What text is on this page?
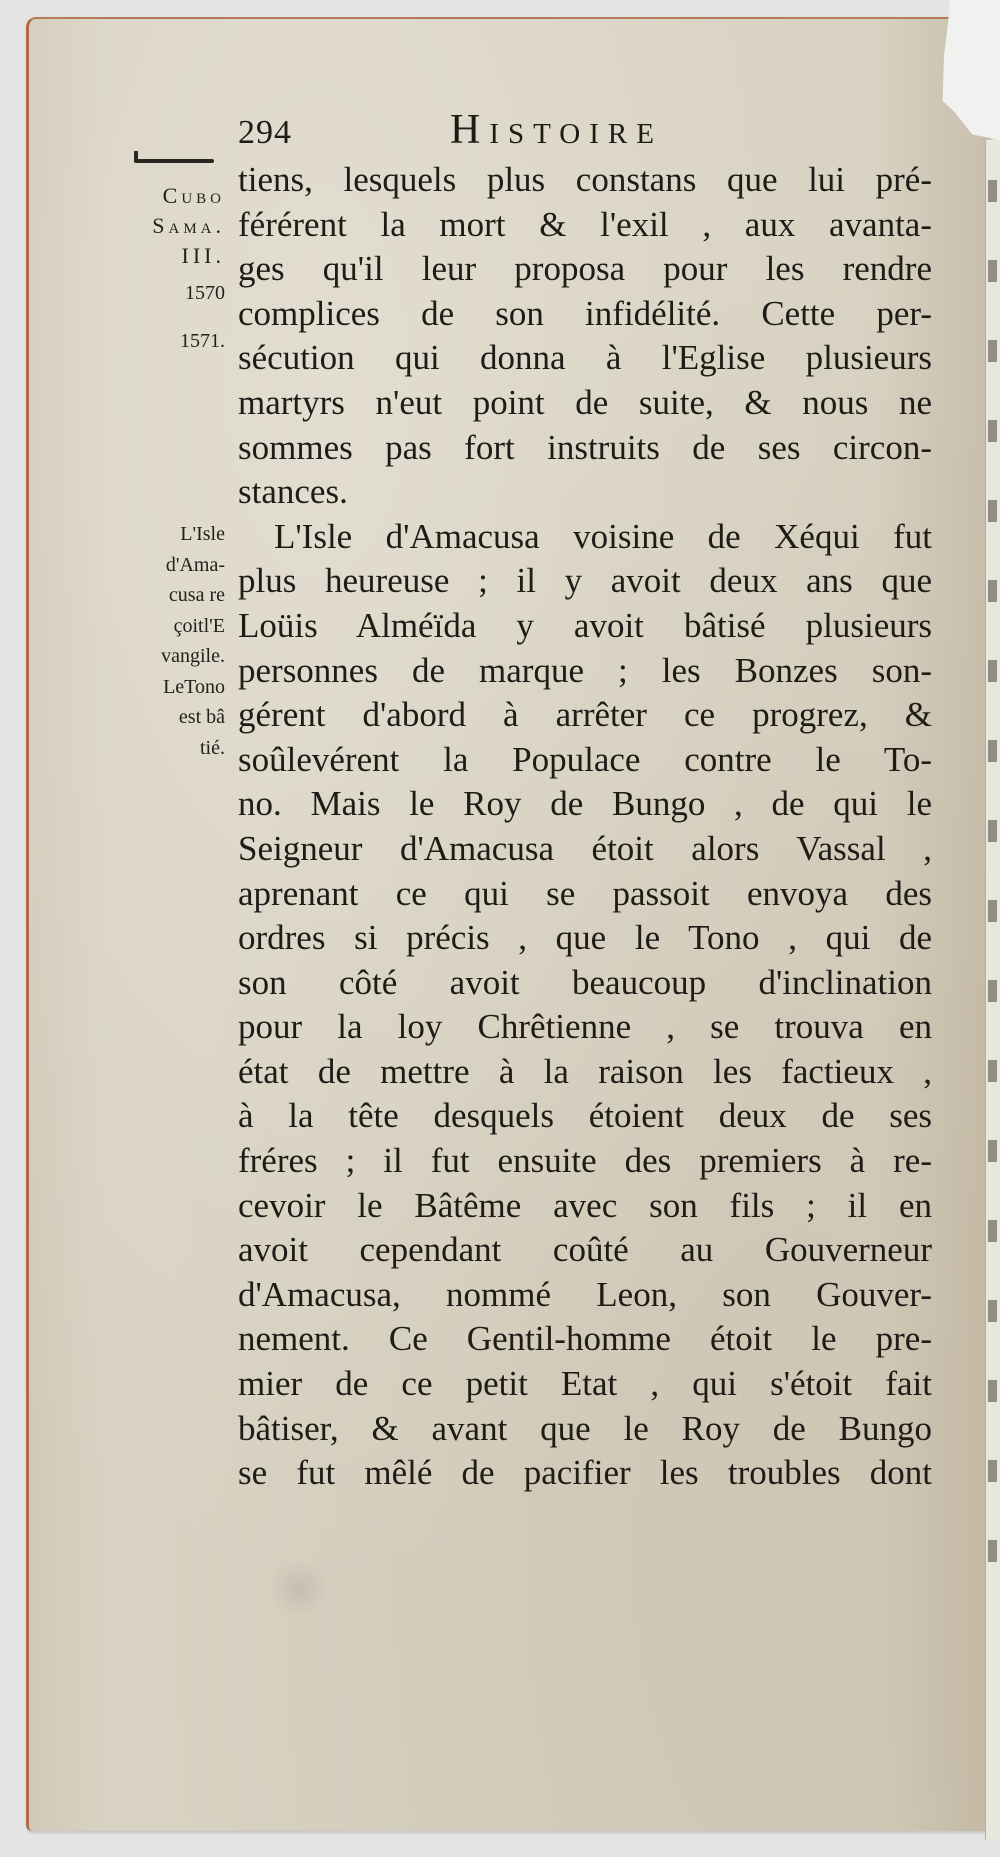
294	Histoire
Cubo
Sama.
III.
1570
1571.
L'Isle
d'Ama-
cusa re
çoitl'E
vangile.
LeTono
est bâ
tié.
tiens, lesquels plus constans que lui pré-
férérent la mort & l'exil , aux avanta-
ges qu'il leur proposa pour les rendre
complices de son infidélité. Cette per-
sécution qui donna à l'Eglise plusieurs
martyrs n'eut point de suite, & nous ne
sommes pas fort instruits de ses circon-
stances.
L'Isle d'Amacusa voisine de Xéqui fut
plus heureuse ; il y avoit deux ans que
Loüis Alméïda y avoit bâtisé plusieurs
personnes de marque ; les Bonzes son-
gérent d'abord à arrêter ce progrez, &
soûlevérent la Populace contre le To-
no. Mais le Roy de Bungo , de qui le
Seigneur d'Amacusa étoit alors Vassal ,
aprenant ce qui se passoit envoya des
ordres si précis , que le Tono , qui de
son côté avoit beaucoup d'inclination
pour la loy Chrêtienne , se trouva en
état de mettre à la raison les factieux ,
à la tête desquels étoient deux de ses
fréres ; il fut ensuite des premiers à re-
cevoir le Bâtême avec son fils ; il en
avoit cependant coûté au Gouverneur
d'Amacusa, nommé Leon, son Gouver-
nement. Ce Gentil-homme étoit le pre-
mier de ce petit Etat , qui s'étoit fait
bâtiser, & avant que le Roy de Bungo
se fut mêlé de pacifier les troubles dont
